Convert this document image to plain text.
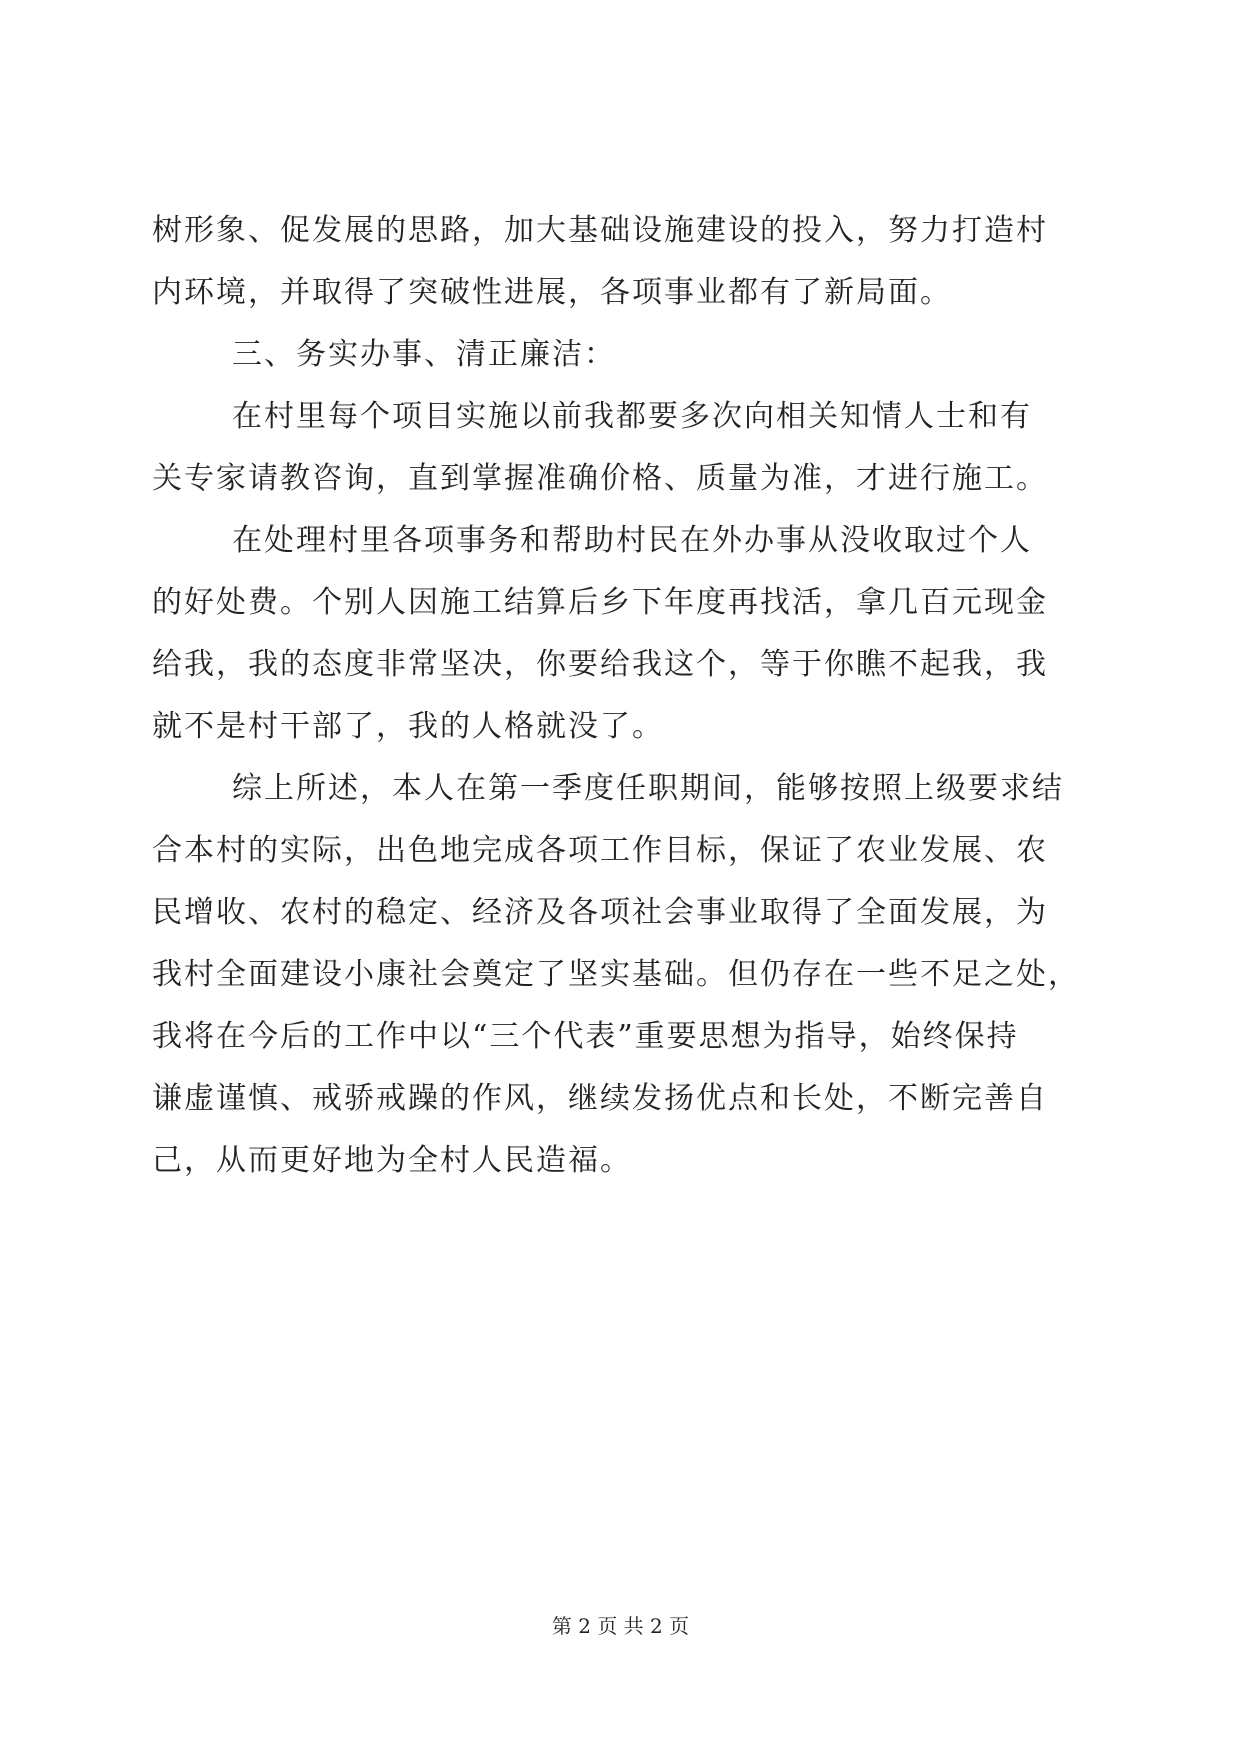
树形象、促发展的思路，加大基础设施建设的投入，努力打造村
内环境，并取得了突破性进展，各项事业都有了新局面。
三、务实办事、清正廉洁：
在村里每个项目实施以前我都要多次向相关知情人士和有
关专家请教咨询，直到掌握准确价格、质量为准，才进行施工。
在处理村里各项事务和帮助村民在外办事从没收取过个人
的好处费。个别人因施工结算后乡下年度再找活，拿几百元现金
给我，我的态度非常坚决，你要给我这个，等于你瞧不起我，我
就不是村干部了，我的人格就没了。
综上所述，本人在第一季度任职期间，能够按照上级要求结
合本村的实际，出色地完成各项工作目标，保证了农业发展、农
民增收、农村的稳定、经济及各项社会事业取得了全面发展，为
我村全面建设小康社会奠定了坚实基础。但仍存在一些不足之处，
我将在今后的工作中以“三个代表”重要思想为指导，始终保持
谦虚谨慎、戒骄戒躁的作风，继续发扬优点和长处，不断完善自
己，从而更好地为全村人民造福。
第 2 页 共 2 页
